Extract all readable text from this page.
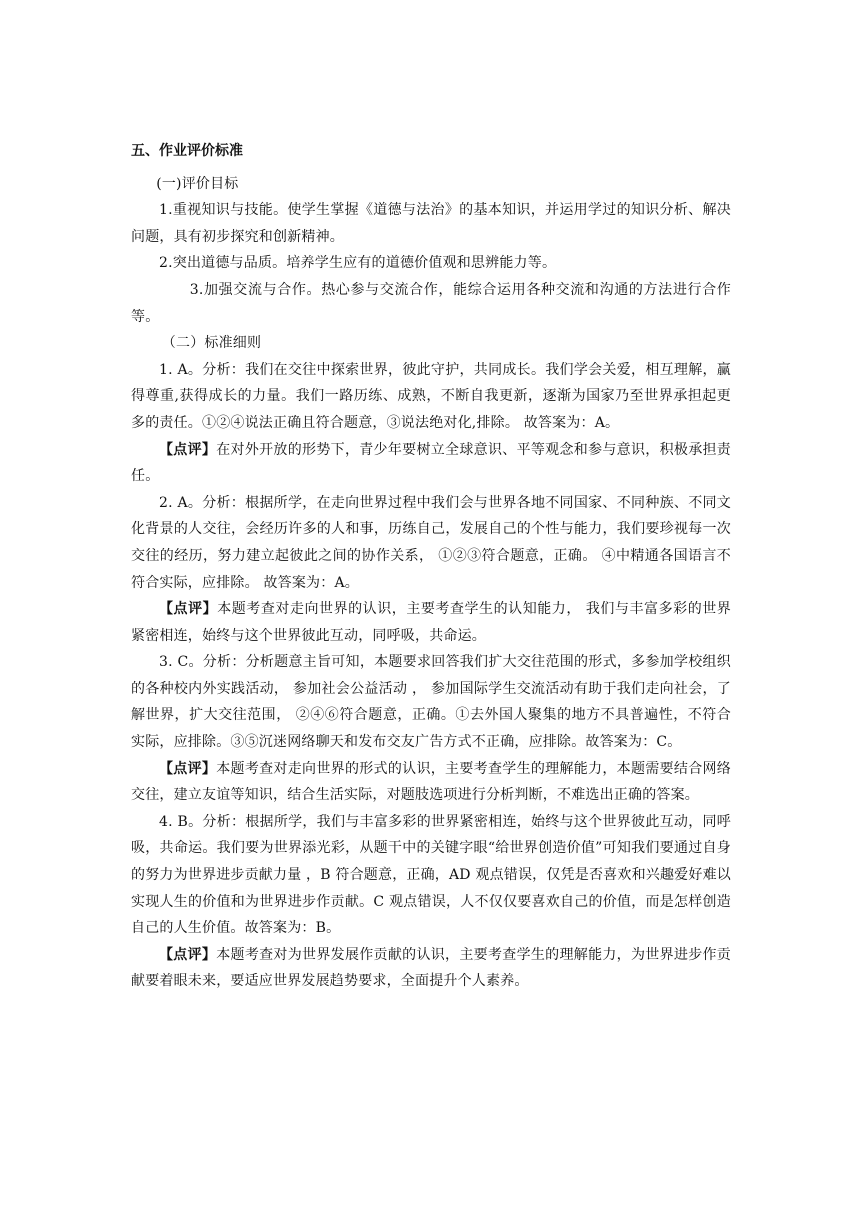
五、作业评价标准

(一)评价目标

1.重视知识与技能。使学生掌握《道德与法治》的基本知识，并运用学过的知识分析、解决问题，具有初步探究和创新精神。

2.突出道德与品质。培养学生应有的道德价值观和思辨能力等。

3.加强交流与合作。热心参与交流合作，能综合运用各种交流和沟通的方法进行合作等。

（二）标准细则

1. A。分析：我们在交往中探索世界，彼此守护，共同成长。我们学会关爱，相互理解，赢得尊重,获得成长的力量。我们一路历练、成熟，不断自我更新，逐渐为国家乃至世界承担起更多的责任。①②④说法正确且符合题意，③说法绝对化,排除。 故答案为：A。

【点评】在对外开放的形势下，青少年要树立全球意识、平等观念和参与意识，积极承担责任。

2. A。分析：根据所学，在走向世界过程中我们会与世界各地不同国家、不同种族、不同文化背景的人交往，会经历许多的人和事，历练自己，发展自己的个性与能力，我们要珍视每一次交往的经历，努力建立起彼此之间的协作关系， ①②③符合题意，正确。 ④中精通各国语言不符合实际，应排除。 故答案为：A。

【点评】本题考查对走向世界的认识，主要考查学生的认知能力， 我们与丰富多彩的世界紧密相连，始终与这个世界彼此互动，同呼吸，共命运。

3. C。分析：分析题意主旨可知，本题要求回答我们扩大交往范围的形式，多参加学校组织的各种校内外实践活动， 参加社会公益活动 ， 参加国际学生交流活动有助于我们走向社会，了解世界，扩大交往范围， ②④⑥符合题意，正确。①去外国人聚集的地方不具普遍性，不符合实际，应排除。③⑤沉迷网络聊天和发布交友广告方式不正确，应排除。故答案为：C。

【点评】本题考查对走向世界的形式的认识，主要考查学生的理解能力，本题需要结合网络交往，建立友谊等知识，结合生活实际，对题肢选项进行分析判断，不难选出正确的答案。

4. B。分析：根据所学，我们与丰富多彩的世界紧密相连，始终与这个世界彼此互动，同呼吸，共命运。我们要为世界添光彩，从题干中的关键字眼“给世界创造价值”可知我们要通过自身的努力为世界进步贡献力量 ，B 符合题意，正确，AD 观点错误，仅凭是否喜欢和兴趣爱好难以实现人生的价值和为世界进步作贡献。C 观点错误，人不仅仅要喜欢自己的价值，而是怎样创造自己的人生价值。故答案为：B。

【点评】本题考查对为世界发展作贡献的认识，主要考查学生的理解能力，为世界进步作贡献要着眼未来，要适应世界发展趋势要求，全面提升个人素养。
